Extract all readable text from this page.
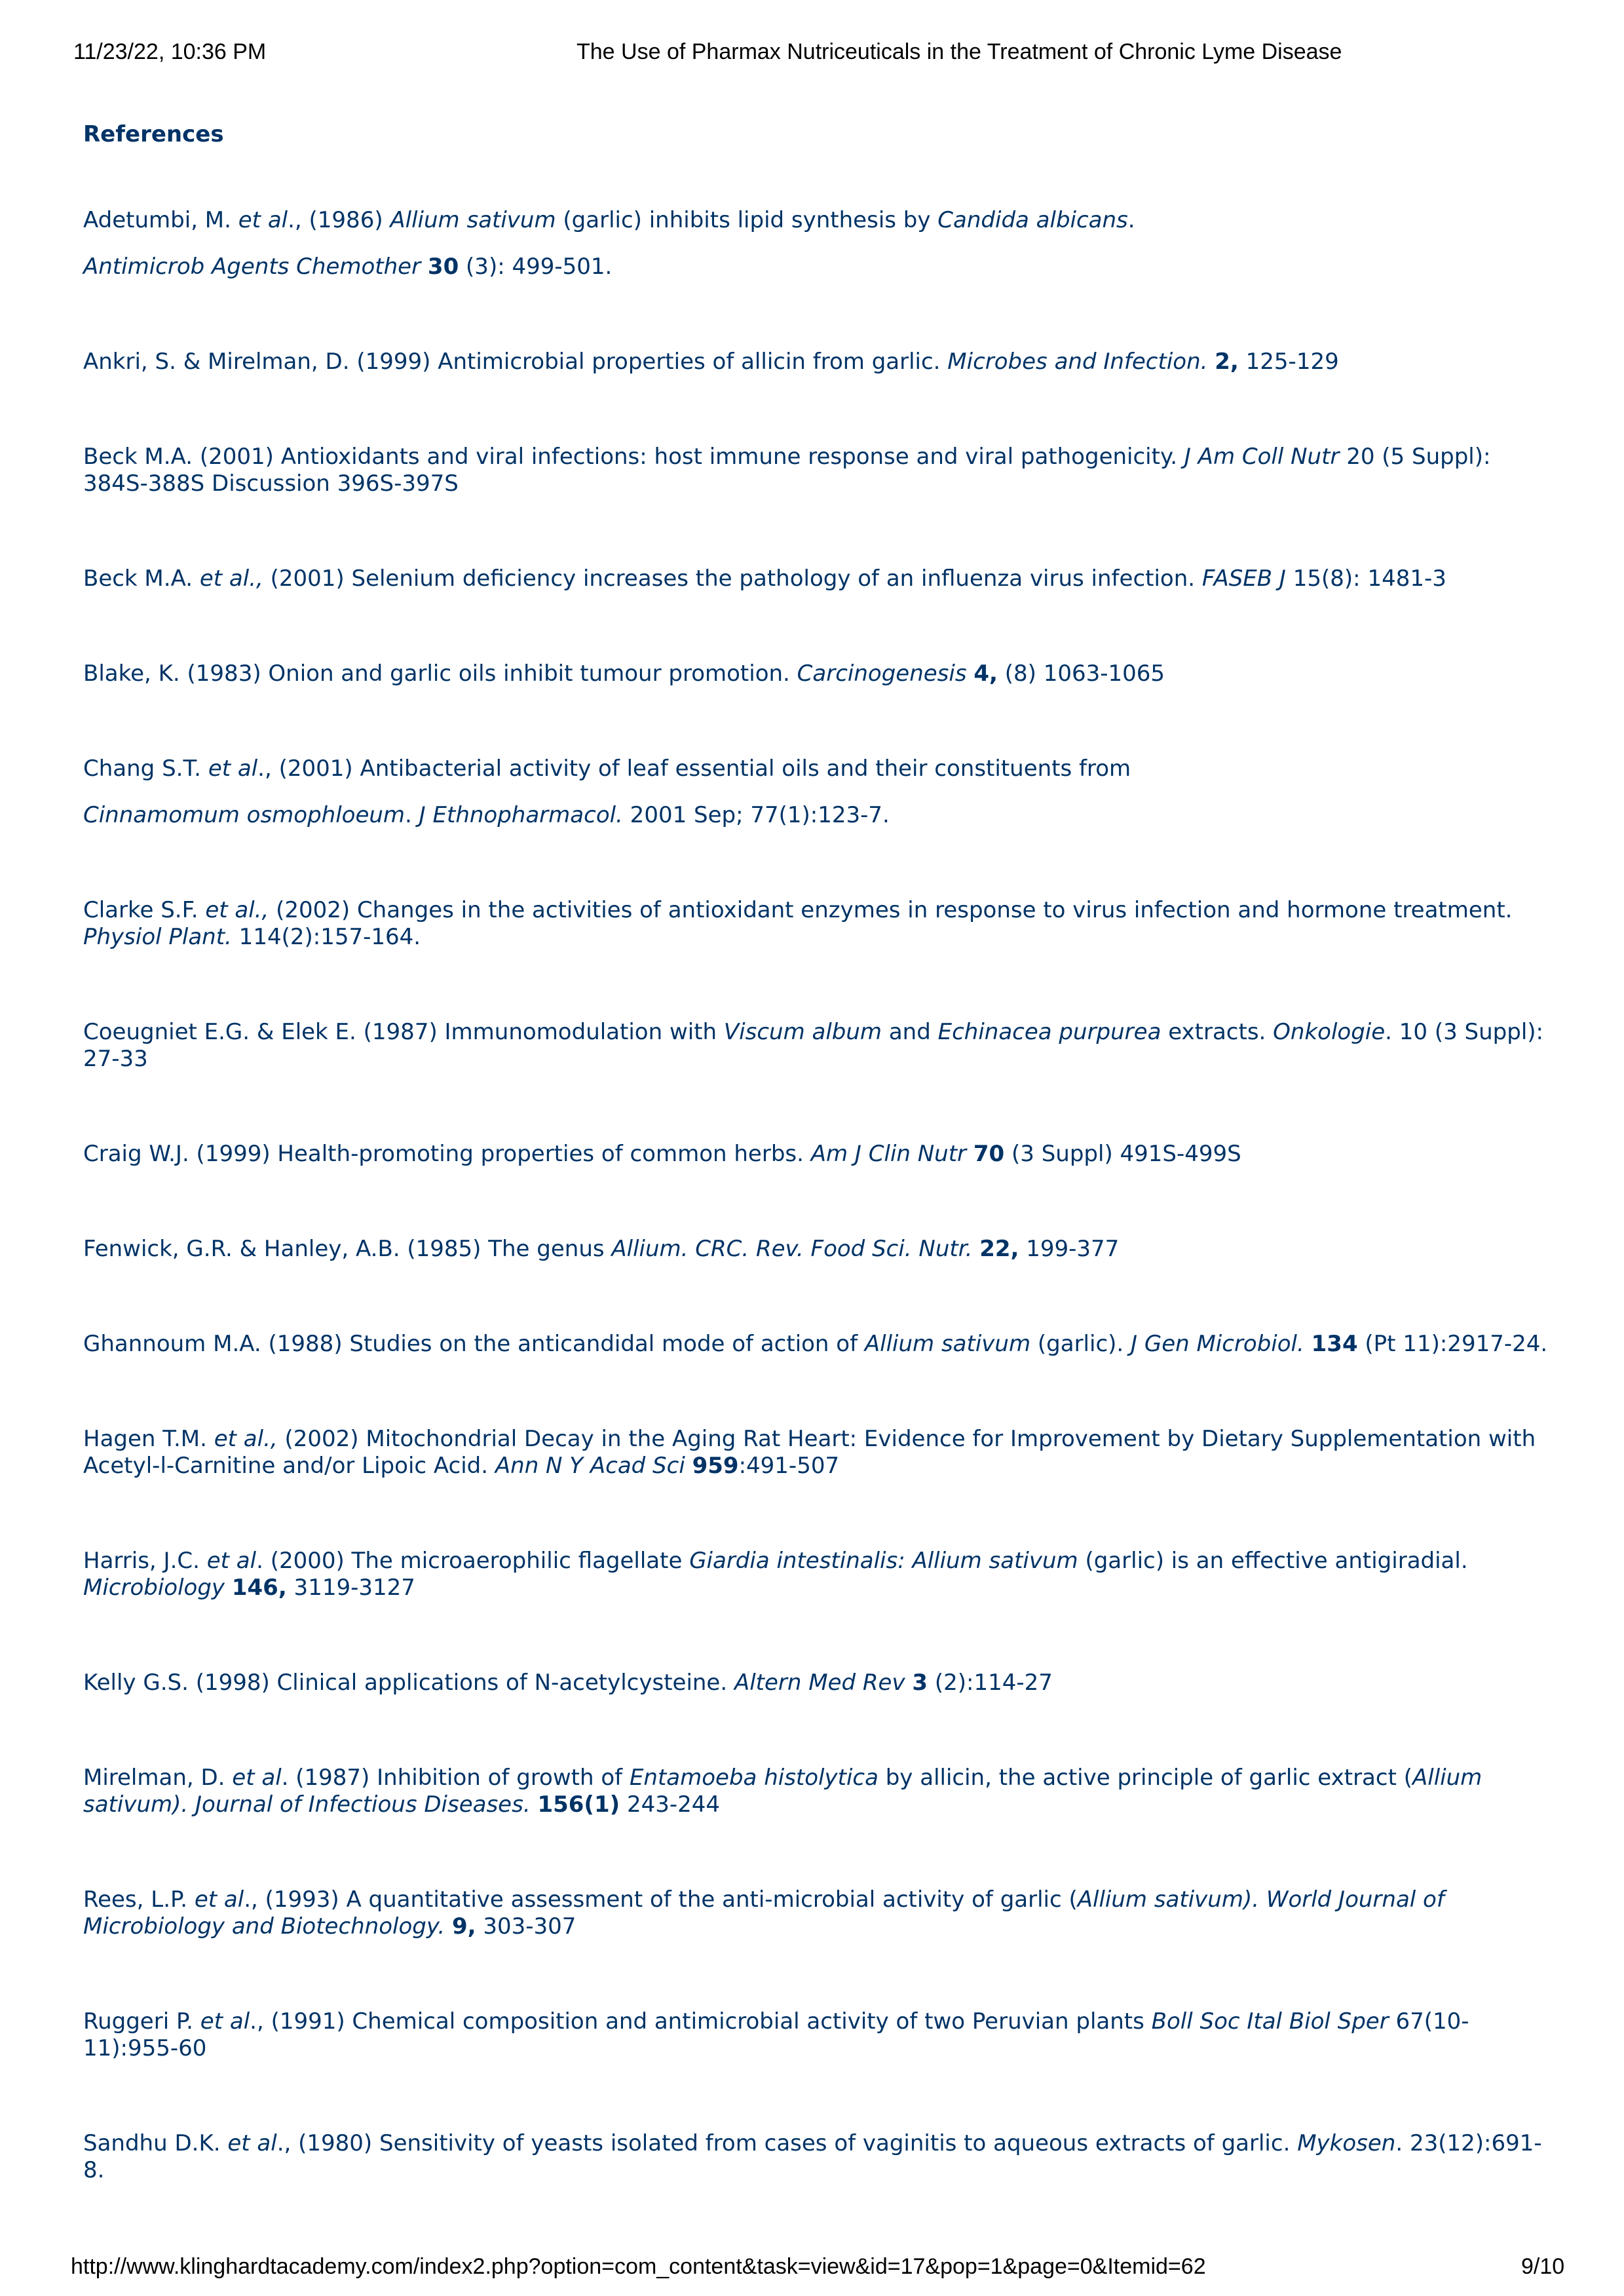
11/23/22, 10:36 PM	The Use of Pharmax Nutriceuticals in the Treatment of Chronic Lyme Disease
References

Adetumbi, M. et al., (1986) Allium sativum (garlic) inhibits lipid synthesis by Candida albicans.

Antimicrob Agents Chemother 30 (3): 499-501.

Ankri, S. & Mirelman, D. (1999) Antimicrobial properties of allicin from garlic. Microbes and Infection. 2, 125-129

Beck M.A. (2001) Antioxidants and viral infections: host immune response and viral pathogenicity. J Am Coll Nutr 20 (5 Suppl): 384S-388S Discussion 396S-397S

Beck M.A. et al., (2001) Selenium deficiency increases the pathology of an influenza virus infection. FASEB J 15(8): 1481-3

Blake, K. (1983) Onion and garlic oils inhibit tumour promotion. Carcinogenesis 4, (8) 1063-1065

Chang S.T. et al., (2001) Antibacterial activity of leaf essential oils and their constituents from

Cinnamomum osmophloeum. J Ethnopharmacol. 2001 Sep; 77(1):123-7.

Clarke S.F. et al., (2002) Changes in the activities of antioxidant enzymes in response to virus infection and hormone treatment. Physiol Plant. 114(2):157-164.

Coeugniet E.G. & Elek E. (1987) Immunomodulation with Viscum album and Echinacea purpurea extracts. Onkologie. 10 (3 Suppl): 27-33

Craig W.J. (1999) Health-promoting properties of common herbs. Am J Clin Nutr 70 (3 Suppl) 491S-499S

Fenwick, G.R. & Hanley, A.B. (1985) The genus Allium. CRC. Rev. Food Sci. Nutr. 22, 199-377

Ghannoum M.A. (1988) Studies on the anticandidal mode of action of Allium sativum (garlic). J Gen Microbiol. 134 (Pt 11):2917-24.

Hagen T.M. et al., (2002) Mitochondrial Decay in the Aging Rat Heart: Evidence for Improvement by Dietary Supplementation with Acetyl-l-Carnitine and/or Lipoic Acid. Ann N Y Acad Sci 959:491-507

Harris, J.C. et al. (2000) The microaerophilic flagellate Giardia intestinalis: Allium sativum (garlic) is an effective antigiradial. Microbiology 146, 3119-3127

Kelly G.S. (1998) Clinical applications of N-acetylcysteine. Altern Med Rev 3 (2):114-27

Mirelman, D. et al. (1987) Inhibition of growth of Entamoeba histolytica by allicin, the active principle of garlic extract (Allium sativum). Journal of Infectious Diseases. 156(1) 243-244

Rees, L.P. et al., (1993) A quantitative assessment of the anti-microbial activity of garlic (Allium sativum). World Journal of Microbiology and Biotechnology. 9, 303-307

Ruggeri P. et al., (1991) Chemical composition and antimicrobial activity of two Peruvian plants Boll Soc Ital Biol Sper 67(10-11):955-60

Sandhu D.K. et al., (1980) Sensitivity of yeasts isolated from cases of vaginitis to aqueous extracts of garlic. Mykosen. 23(12):691-8.

http://www.klinghardtacademy.com/index2.php?option=com_content&task=view&id=17&pop=1&page=0&Itemid=62	9/10
